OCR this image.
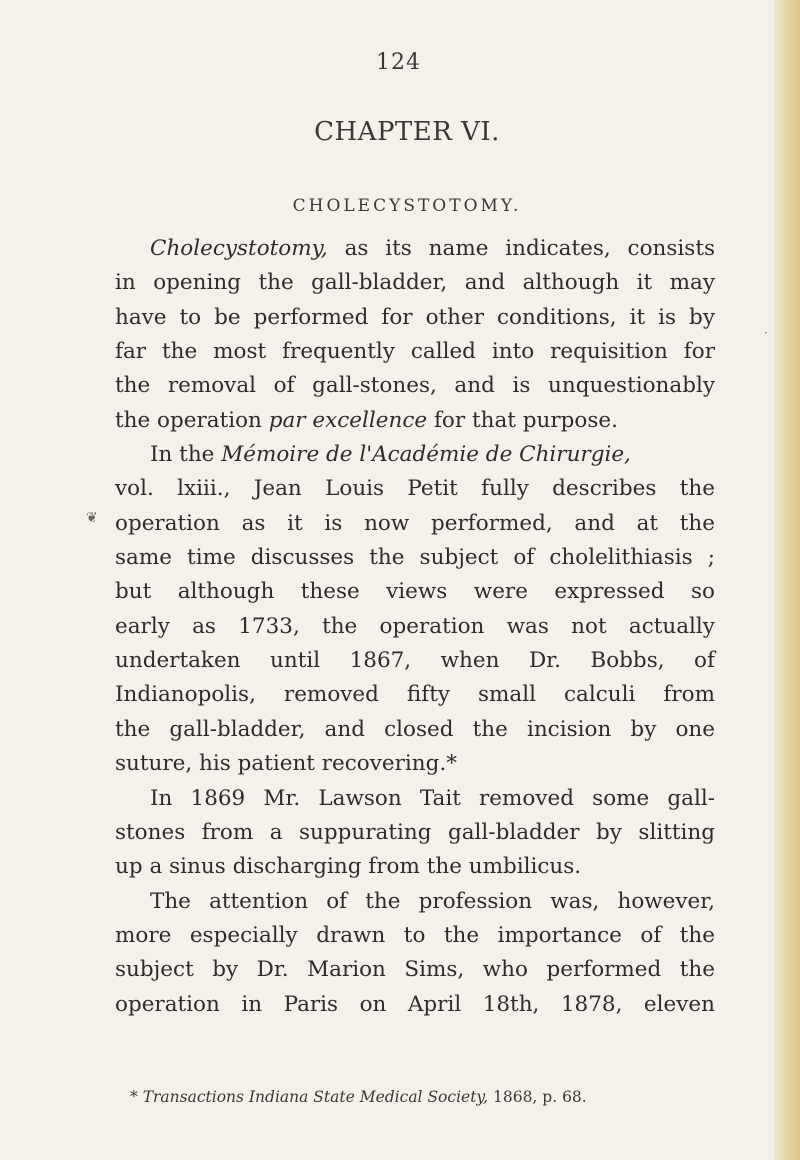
124
CHAPTER VI.
CHOLECYSTOTOMY.
Cholecystotomy, as its name indicates, consists
in opening the gall-bladder, and although it may
have to be performed for other conditions, it is by
far the most frequently called into requisition for
the removal of gall-stones, and is unquestionably
the operation par excellence for that purpose.
In the Mémoire de l'Académie de Chirurgie,
vol. lxiii., Jean Louis Petit fully describes the
operation as it is now performed, and at the
same time discusses the subject of cholelithiasis ;
but although these views were expressed so
early as 1733, the operation was not actually
undertaken until 1867, when Dr. Bobbs, of
Indianopolis, removed fifty small calculi from
the gall-bladder, and closed the incision by one
suture, his patient recovering.*
In 1869 Mr. Lawson Tait removed some gall-
stones from a suppurating gall-bladder by slitting
up a sinus discharging from the umbilicus.
The attention of the profession was, however,
more especially drawn to the importance of the
subject by Dr. Marion Sims, who performed the
operation in Paris on April 18th, 1878, eleven
* Transactions Indiana State Medical Society, 1868, p. 68.
·
❦
